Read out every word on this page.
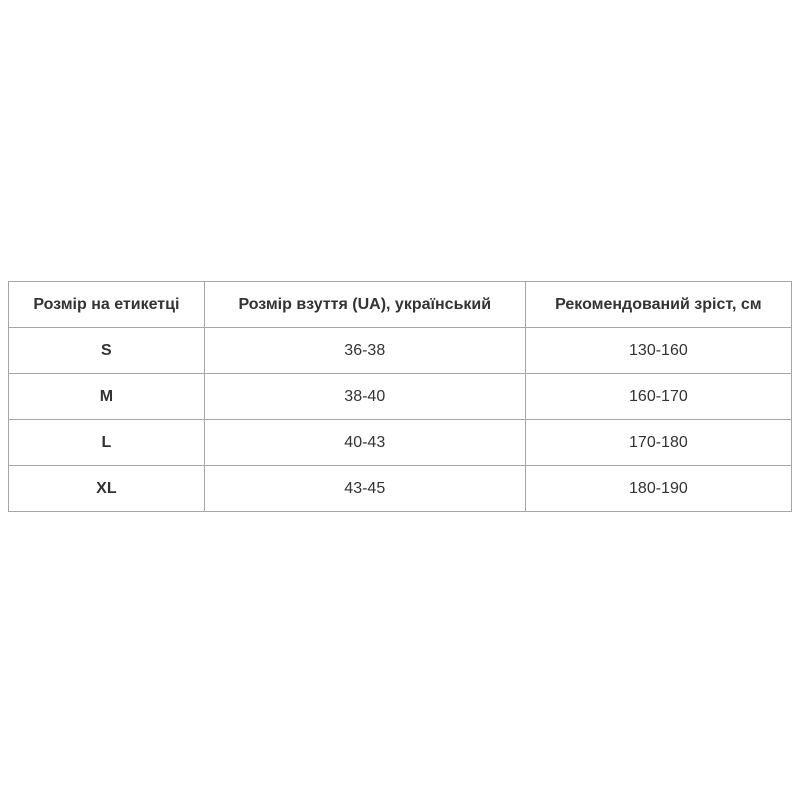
Розмір на етикетці	Розмір взуття (UA), український	Рекомендований зріст, см
S	36-38	130-160
M	38-40	160-170
L	40-43	170-180
XL	43-45	180-190
